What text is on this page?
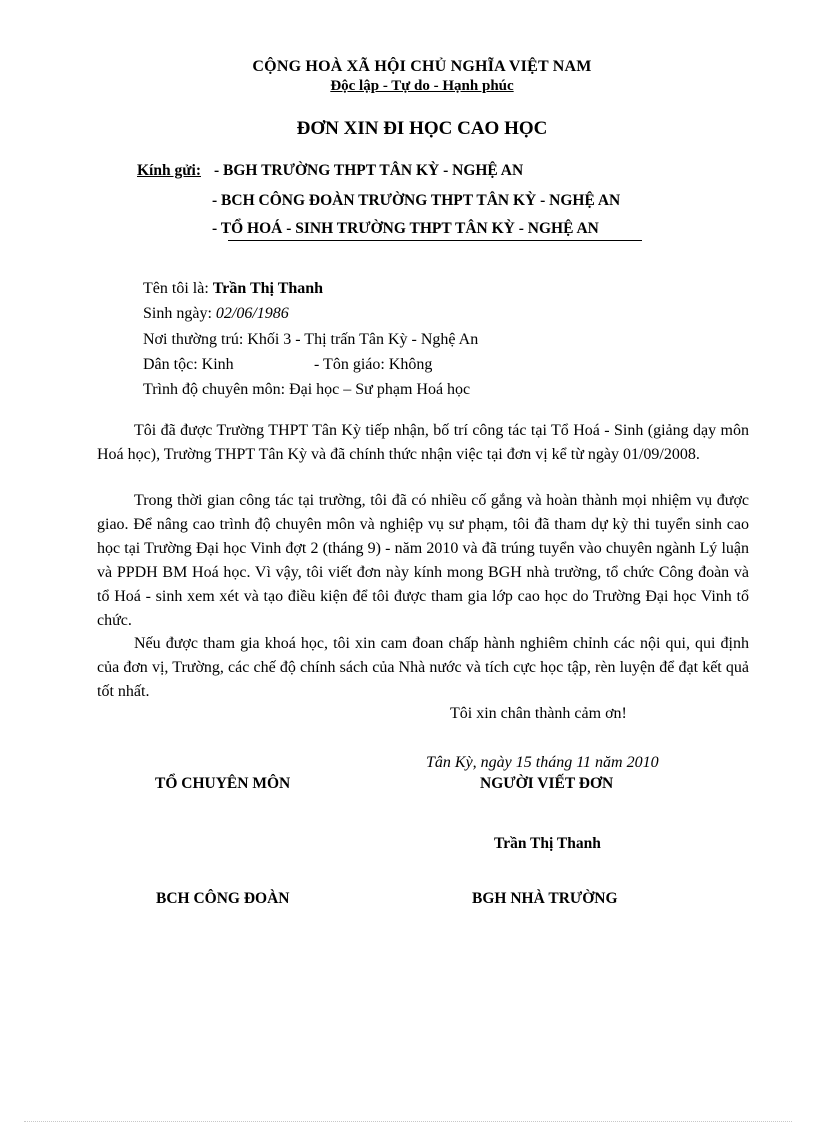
CỘNG HOÀ XÃ HỘI CHỦ NGHĨA VIỆT NAM
Độc lập - Tự do - Hạnh phúc
ĐƠN XIN ĐI HỌC CAO HỌC
Kính gửi: - BGH TRƯỜNG THPT TÂN KỲ - NGHỆ AN
- BCH CÔNG ĐOÀN TRƯỜNG THPT TÂN KỲ - NGHỆ AN
- TỔ HOÁ - SINH TRƯỜNG THPT TÂN KỲ - NGHỆ AN
Tên tôi là: Trần Thị Thanh
Sinh ngày: 02/06/1986
Nơi thường trú: Khối 3 - Thị trấn Tân Kỳ - Nghệ An
Dân tộc: Kinh	- Tôn giáo: Không
Trình độ chuyên môn: Đại học – Sư phạm Hoá học
Tôi đã được Trường THPT Tân Kỳ tiếp nhận, bố trí công tác tại Tổ Hoá - Sinh (giảng dạy môn Hoá học), Trường THPT Tân Kỳ và đã chính thức nhận việc tại đơn vị kể từ ngày 01/09/2008.
Trong thời gian công tác tại trường, tôi đã có nhiều cố gắng và hoàn thành mọi nhiệm vụ được giao. Để nâng cao trình độ chuyên môn và nghiệp vụ sư phạm, tôi đã tham dự kỳ thi tuyển sinh cao học tại Trường Đại học Vinh đợt 2 (tháng 9) - năm 2010 và đã trúng tuyển vào chuyên ngành Lý luận và PPDH BM Hoá học. Vì vậy, tôi viết đơn này kính mong BGH nhà trường, tổ chức Công đoàn và tổ Hoá - sinh xem xét và tạo điều kiện để tôi được tham gia lớp cao học do Trường Đại học Vinh tổ chức.
Nếu được tham gia khoá học, tôi xin cam đoan chấp hành nghiêm chỉnh các nội qui, qui định của đơn vị, Trường, các chế độ chính sách của Nhà nước và tích cực học tập, rèn luyện để đạt kết quả tốt nhất.
Tôi xin chân thành cảm ơn!
Tân Kỳ, ngày 15 tháng 11 năm 2010
TỔ CHUYÊN MÔN	NGƯỜI VIẾT ĐƠN
Trần Thị Thanh
BCH CÔNG ĐOÀN	BGH NHÀ TRƯỜNG
